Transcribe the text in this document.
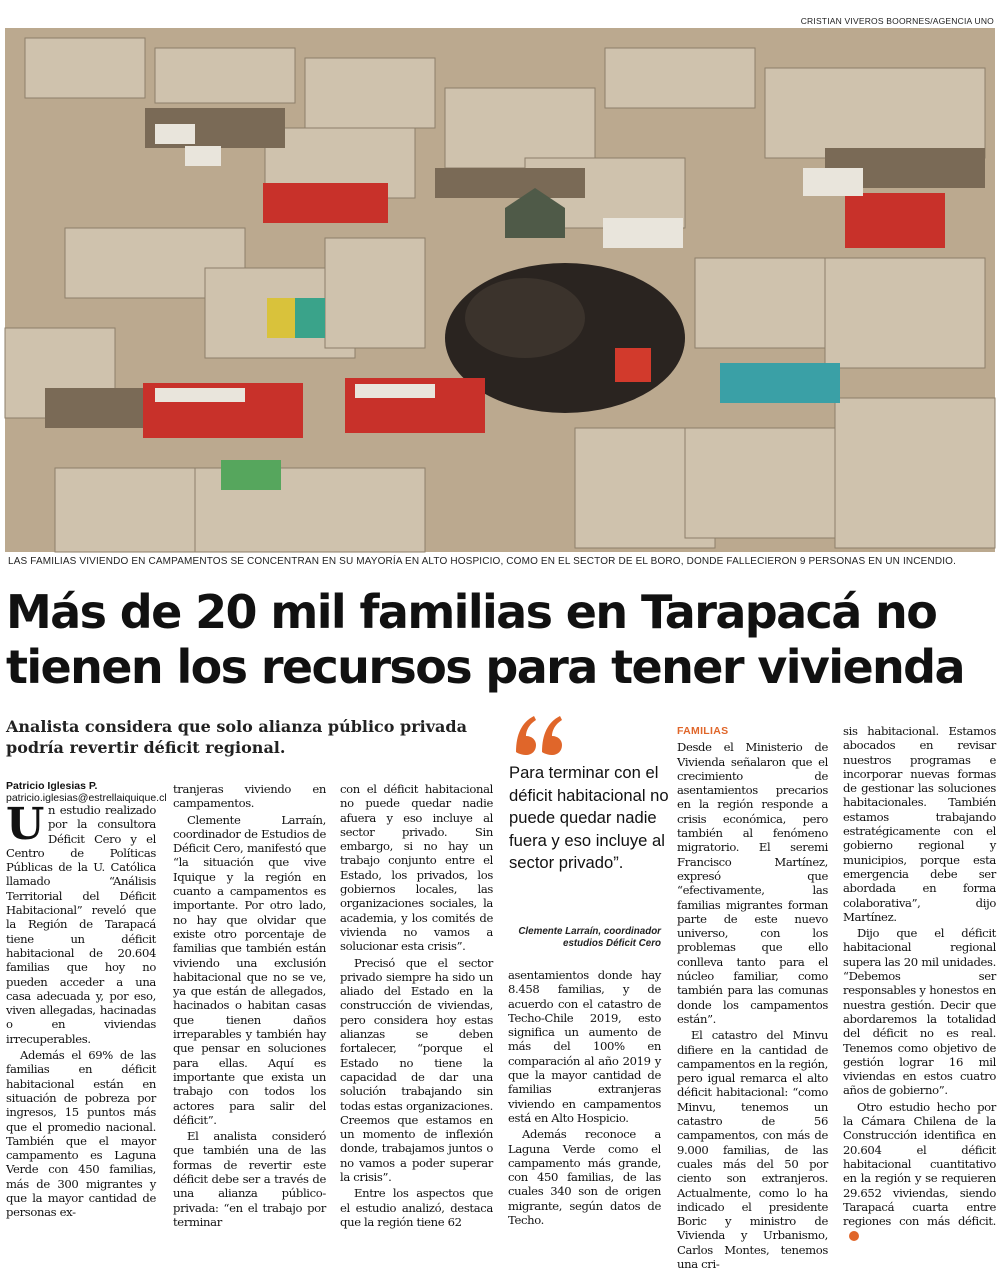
CRISTIAN VIVEROS BOORNES/AGENCIA UNO
LAS FAMILIAS VIVIENDO EN CAMPAMENTOS SE CONCENTRAN EN SU MAYORÍA EN ALTO HOSPICIO, COMO EN EL SECTOR DE EL BORO, DONDE FALLECIERON 9 PERSONAS EN UN INCENDIO.
Más de 20 mil familias en Tarapacá no
tienen los recursos para tener vivienda
Analista considera que solo alianza público privada podría revertir déficit regional.
Patricio Iglesias P.
patricio.iglesias@estrellaiquique.cl

Un estudio realizado por la consultora Déficit Cero y el Centro de Políticas Públicas de la U. Católica llamado “Análisis Territorial del Déficit Habitacional” reveló que la Región de Tarapacá tiene un déficit habitacional de 20.604 familias que hoy no pueden acceder a una casa adecuada y, por eso, viven allegadas, hacinadas o en viviendas irrecuperables.

Además el 69% de las familias en déficit habitacional están en situación de pobreza por ingresos, 15 puntos más que el promedio nacional. También que el mayor campamento es Laguna Verde con 450 familias, más de 300 migrantes y que la mayor cantidad de personas ex-

tranjeras viviendo en campamentos.

Clemente Larraín, coordinador de Estudios de Déficit Cero, manifestó que “la situación que vive Iquique y la región en cuanto a campamentos es importante. Por otro lado, no hay que olvidar que existe otro porcentaje de familias que también están viviendo una exclusión habitacional que no se ve, ya que están de allegados, hacinados o habitan casas que tienen daños irreparables y también hay que pensar en soluciones para ellas. Aquí es importante que exista un trabajo con todos los actores para salir del déficit”.

El analista consideró que también una de las formas de revertir este déficit debe ser a través de una alianza público-privada: “en el trabajo por terminar

con el déficit habitacional no puede quedar nadie afuera y eso incluye al sector privado. Sin embargo, si no hay un trabajo conjunto entre el Estado, los privados, los gobiernos locales, las organizaciones sociales, la academia, y los comités de vivienda no vamos a solucionar esta crisis”.

Precisó que el sector privado siempre ha sido un aliado del Estado en la construcción de viviendas, pero considera hoy estas alianzas se deben fortalecer, “porque el Estado no tiene la capacidad de dar una solución trabajando sin todas estas organizaciones. Creemos que estamos en un momento de inflexión donde, trabajamos juntos o no vamos a poder superar la crisis”.

Entre los aspectos que el estudio analizó, destaca que la región tiene 62

Para terminar con el déficit habitacional no puede quedar nadie fuera y eso incluye al sector privado”.
Clemente Larraín, coordinador estudios Déficit Cero

asentamientos donde hay 8.458 familias, y de acuerdo con el catastro de Techo-Chile 2019, esto significa un aumento de más del 100% en comparación al año 2019 y que la mayor cantidad de familias extranjeras viviendo en campamentos está en Alto Hospicio.

Además reconoce a Laguna Verde como el campamento más grande, con 450 familias, de las cuales 340 son de origen migrante, según datos de Techo.

FAMILIAS

Desde el Ministerio de Vivienda señalaron que el crecimiento de asentamientos precarios en la región responde a crisis económica, pero también al fenómeno migratorio. El seremi Francisco Martínez, expresó que “efectivamente, las familias migrantes forman parte de este nuevo universo, con los problemas que ello conlleva tanto para el núcleo familiar, como también para las comunas donde los campamentos están”.

El catastro del Minvu difiere en la cantidad de campamentos en la región, pero igual remarca el alto déficit habitacional: “como Minvu, tenemos un catastro de 56 campamentos, con más de 9.000 familias, de las cuales más del 50 por ciento son extranjeros. Actualmente, como lo ha indicado el presidente Boric y ministro de Vivienda y Urbanismo, Carlos Montes, tenemos una cri-

sis habitacional. Estamos abocados en revisar nuestros programas e incorporar nuevas formas de gestionar las soluciones habitacionales. También estamos trabajando estratégicamente con el gobierno regional y municipios, porque esta emergencia debe ser abordada en forma colaborativa”, dijo Martínez.

Dijo que el déficit habitacional regional supera las 20 mil unidades. “Debemos ser responsables y honestos en nuestra gestión. Decir que abordaremos la totalidad del déficit no es real. Tenemos como objetivo de gestión lograr 16 mil viviendas en estos cuatro años de gobierno”.

Otro estudio hecho por la Cámara Chilena de la Construcción identifica en 20.604 el déficit habitacional cuantitativo en la región y se requieren 29.652 viviendas, siendo Tarapacá cuarta entre regiones con más déficit.
